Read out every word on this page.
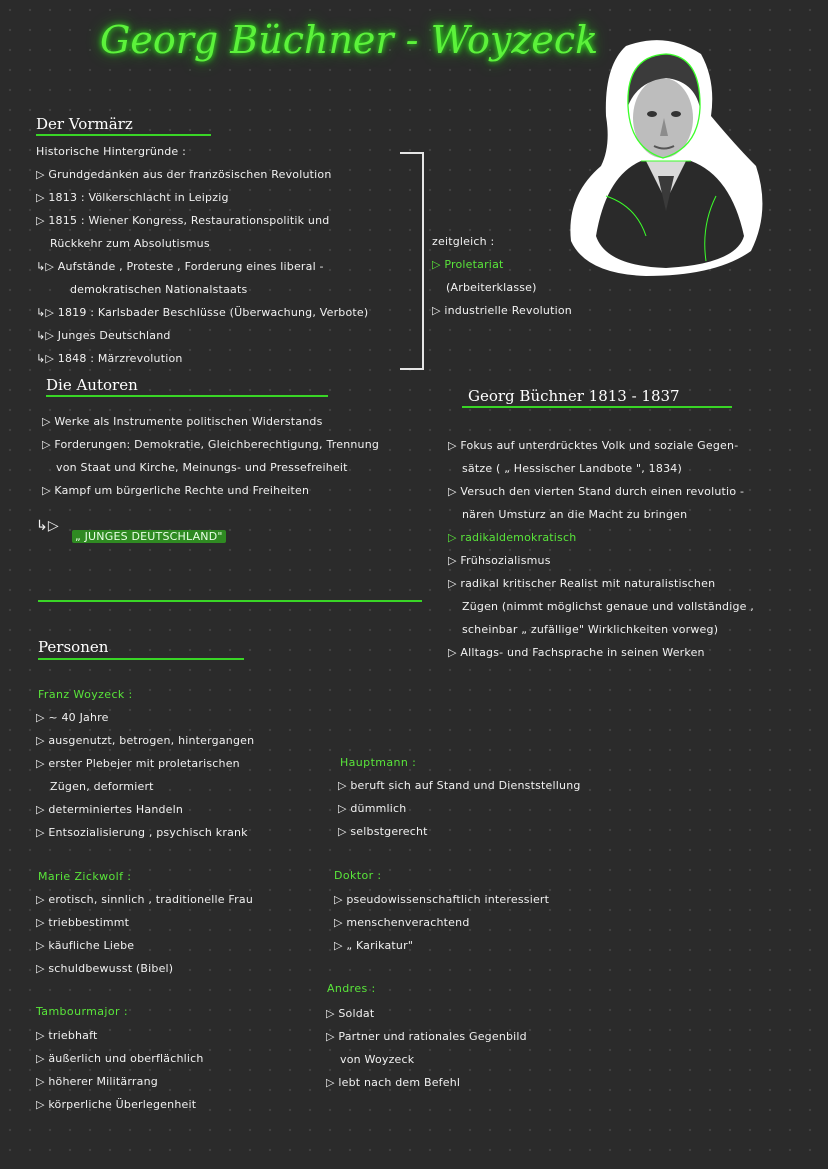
Georg Büchner - Woyzeck
Der Vormärz
Historische Hintergründe :
▷ Grundgedanken aus der französischen Revolution
▷ 1813 : Völkerschlacht in Leipzig
▷ 1815 : Wiener Kongress, Restaurationspolitik und
Rückkehr zum Absolutismus
↳▷ Aufstände , Proteste , Forderung eines liberal -
demokratischen Nationalstaats
↳▷ 1819 : Karlsbader Beschlüsse (Überwachung, Verbote)
↳▷ Junges Deutschland
↳▷ 1848 : Märzrevolution
zeitgleich :
▷ Proletariat
(Arbeiterklasse)
▷ industrielle Revolution
Die Autoren
▷ Werke als Instrumente politischen Widerstands
▷ Forderungen: Demokratie, Gleichberechtigung, Trennung
von Staat und Kirche, Meinungs- und Pressefreiheit
▷ Kampf um bürgerliche Rechte und Freiheiten
↳▷
„ JUNGES DEUTSCHLAND"
Georg Büchner 1813 - 1837
▷ Fokus auf unterdrücktes Volk und soziale Gegen-
sätze ( „ Hessischer Landbote ", 1834)
▷ Versuch den vierten Stand durch einen revolutio -
nären Umsturz an die Macht zu bringen
▷ radikaldemokratisch
▷ Frühsozialismus
▷ radikal kritischer Realist mit naturalistischen
Zügen (nimmt möglichst genaue und vollständige ,
scheinbar „ zufällige" Wirklichkeiten vorweg)
▷ Alltags- und Fachsprache in seinen Werken
Personen
Franz Woyzeck :
▷ ~ 40 Jahre
▷ ausgenutzt, betrogen, hintergangen
▷ erster Plebejer mit proletarischen
Zügen, deformiert
▷ determiniertes Handeln
▷ Entsozialisierung , psychisch krank
Hauptmann :
▷ beruft sich auf Stand und Dienststellung
▷ dümmlich
▷ selbstgerecht
Marie Zickwolf :
▷ erotisch, sinnlich , traditionelle Frau
▷ triebbestimmt
▷ käufliche Liebe
▷ schuldbewusst (Bibel)
Doktor :
▷ pseudowissenschaftlich interessiert
▷ menschenverachtend
▷ „ Karikatur"
Andres :
▷ Soldat
▷ Partner und rationales Gegenbild
von Woyzeck
▷ lebt nach dem Befehl
Tambourmajor :
▷ triebhaft
▷ äußerlich und oberflächlich
▷ höherer Militärrang
▷ körperliche Überlegenheit
